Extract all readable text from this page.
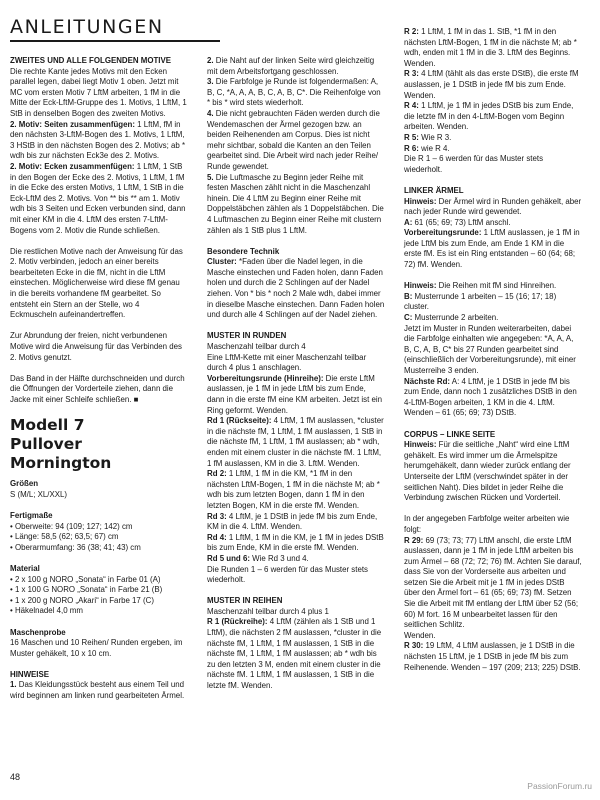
ANLEITUNGEN

ZWEITES UND ALLE FOLGENDEN MOTIVE
Die rechte Kante jedes Motivs mit den Ecken parallel legen, dabei liegt Motiv 1 oben. Jetzt mit MC vom ersten Motiv 7 LftM arbeiten, 1 fM in die Mitte der Eck-LftM-Gruppe des 1. Motivs, 1 LftM, 1 StB in denselben Bogen des zweiten Motivs.
2. Motiv: Seiten zusammenfügen: 1 LftM, fM in den nächsten 3-LftM-Bogen des 1. Motivs, 1 LftM, 3 HStB in den nächsten Bogen des 2. Motivs; ab * wdh bis zur nächsten Eck3e des 2. Motivs.
2. Motiv: Ecken zusammenfügen: 1 LftM, 1 StB in den Bogen der Ecke des 2. Motivs, 1 LftM, 1 fM in die Ecke des ersten Motivs, 1 LftM, 1 StB in die Eck-LftM des 2. Motivs. Von ** bis ** am 1. Motiv wdh bis 3 Seiten und Ecken verbunden sind, dann mit einer KM in die 4. LftM des ersten 7-LftM-Bogens vom 2. Motiv die Runde schließen.

Die restlichen Motive nach der Anweisung für das 2. Motiv verbinden, jedoch an einer bereits bearbeiteten Ecke in die fM, nicht in die LftM einstechen. Möglicherweise wird diese fM genau in die bereits vorhandene fM gearbeitet. So entsteht ein Stern an der Stelle, wo 4 Eckmuscheln aufeinandertreffen.

Zur Abrundung der freien, nicht verbundenen Motive wird die Anweisung für das Verbinden des 2. Motivs genutzt.

Das Band in der Hälfte durchschneiden und durch die Öffnungen der Vorderteile ziehen, dann die Jacke mit einer Schleife schließen. ■

Modell 7
Pullover Mornington

Größen
S (M/L; XL/XXL)

Fertigmaße
• Oberweite: 94 (109; 127; 142) cm
• Länge: 58,5 (62; 63,5; 67) cm
• Oberarmumfang: 36 (38; 41; 43) cm

Material
• 2 x 100 g NORO „Sonata“ in Farbe 01 (A)
• 1 x 100 G NORO „Sonata“ in Farbe 21 (B)
• 1 x 200 g NORO „Akari“ in Farbe 17 (C)
• Häkelnadel 4,0 mm

Maschenprobe
16 Maschen und 10 Reihen/ Runden ergeben, im Muster gehäkelt, 10 x 10 cm.

HINWEISE
1. Das Kleidungsstück besteht aus einem Teil und wird beginnen am linken rund gearbeiteten Ärmel.

2. Die Naht auf der linken Seite wird gleichzeitig mit dem Arbeitsfortgang geschlossen.

3. Die Farbfolge je Runde ist folgendermaßen: A, B, C, *A, A, A, B, C, A, B, C*. Die Reihenfolge von * bis * wird stets wiederholt.

4. Die nicht gebrauchten Fäden werden durch die Wendemaschen der Ärmel gezogen bzw. an beiden Reihenenden am Corpus. Dies ist nicht mehr sichtbar, sobald die Kanten an den Teilen gearbeitet sind. Die Arbeit wird nach jeder Reihe/ Runde gewendet.

5. Die Luftmasche zu Beginn jeder Reihe mit festen Maschen zählt nicht in die Maschenzahl hinein. Die 4 LftM zu Beginn einer Reihe mit Doppelstäbchen zählen als 1 Doppelstäbchen. Die 4 Luftmaschen zu Beginn einer Reihe mit clustern zählen als 1 StB plus 1 LftM.

Besondere Technik
Cluster: *Faden über die Nadel legen, in die Masche einstechen und Faden holen, dann Faden holen und durch die 2 Schlingen auf der Nadel ziehen. Von * bis * noch 2 Male wdh, dabei immer in dieselbe Masche einstechen. Dann Faden holen und durch alle 4 Schlingen auf der Nadel ziehen.

MUSTER IN RUNDEN
Maschenzahl teilbar durch 4
Eine LftM-Kette mit einer Maschenzahl teilbar durch 4 plus 1 anschlagen.
Vorbereitungsrunde (Hinreihe): Die erste LftM auslassen, je 1 fM in jede LftM bis zum Ende, dann in die erste fM eine KM arbeiten. Jetzt ist ein Ring geformt. Wenden.
Rd 1 (Rückseite): 4 LftM, 1 fM auslassen, *cluster in die nächste fM, 1 LftM, 1 fM auslassen, 1 StB in die nächste fM, 1 LftM, 1 fM auslassen; ab * wdh, enden mit einem cluster in die nächste fM. 1 LftM, 1 fM auslassen, KM in die 3. LftM. Wenden.
Rd 2: 1 LftM, 1 fM in die KM, *1 fM in den nächsten LftM-Bogen, 1 fM in die nächste M; ab * wdh bis zum letzten Bogen, dann 1 fM in den letzten Bogen, KM in die erste fM. Wenden.
Rd 3: 4 LftM, je 1 DStB in jede fM bis zum Ende, KM in die 4. LftM. Wenden.
Rd 4: 1 LftM, 1 fM in die KM, je 1 fM in jedes DStB bis zum Ende, KM in die erste fM. Wenden.
Rd 5 und 6: Wie Rd 3 und 4.
Die Runden 1 – 6 werden für das Muster stets wiederholt.

MUSTER IN REIHEN
Maschenzahl teilbar durch 4 plus 1
R 1 (Rückreihe): 4 LftM (zählen als 1 StB und 1 LftM), die nächsten 2 fM auslassen, *cluster in die nächste fM, 1 LftM, 1 fM auslassen, 1 StB in die nächste fM, 1 LftM, 1 fM auslassen; ab * wdh bis zu den letzten 3 M, enden mit einem cluster in die nächste fM. 1 LftM, 1 fM auslassen, 1 StB in die letzte fM. Wenden.

R 2: 1 LftM, 1 fM in das 1. StB, *1 fM in den nächsten LftM-Bogen, 1 fM in die nächste M; ab * wdh, enden mit 1 fM in die 3. LftM des Beginns. Wenden.
R 3: 4 LftM (tählt als das erste DStB), die erste fM auslassen, je 1 DStB in jede fM bis zum Ende. Wenden.
R 4: 1 LftM, je 1 fM in jedes DStB bis zum Ende, die letzte fM in den 4-LftM-Bogen vom Beginn arbeiten. Wenden.
R 5: Wie R 3.
R 6: wie R 4.
Die R 1 – 6 werden für das Muster stets wiederholt.

LINKER ÄRMEL
Hinweis: Der Ärmel wird in Runden gehäkelt, aber nach jeder Runde wird gewendet.
A: 61 (65; 69; 73) LftM anschl.
Vorbereitungsrunde: 1 LftM auslassen, je 1 fM in jede LftM bis zum Ende, am Ende 1 KM in die erste fM. Es ist ein Ring entstanden – 60 (64; 68; 72) fM. Wenden.

Hinweis: Die Reihen mit fM sind Hinreihen.
B: Musterrunde 1 arbeiten – 15 (16; 17; 18) cluster.
C: Musterrunde 2 arbeiten.
Jetzt im Muster in Runden weiterarbeiten, dabei die Farbfolge einhalten wie angegeben: *A, A, A, B, C, A, B, C* bis 27 Runden gearbeitet sind (einschließlich der Vorbereitungsrunde), mit einer Musterreihe 3 enden.
Nächste Rd: A: 4 LftM, je 1 DStB in jede fM bis zum Ende, dann noch 1 zusätzliches DStB in den 4-LftM-Bogen arbeiten, 1 KM in die 4. LftM. Wenden – 61 (65; 69; 73) DStB.

CORPUS – LINKE SEITE
Hinweis: Für die seitliche „Naht“ wird eine LftM gehäkelt. Es wird immer um die Ärmelspitze herumgehäkelt, dann wieder zurück entlang der Unterseite der LftM (verschwindet später in der seitlichen Naht). Dies bildet in jeder Reihe die Verbindung zwischen Rücken und Vorderteil.

In der angegeben Farbfolge weiter arbeiten wie folgt:
R 29: 69 (73; 73; 77) LftM anschl, die erste LftM auslassen, dann je 1 fM in jede LftM arbeiten bis zum Ärmel – 68 (72; 72; 76) fM. Achten Sie darauf, dass Sie von der Vorderseite aus arbeiten und setzen Sie die Arbeit mit je 1 fM in jedes DStB über den Ärmel fort – 61 (65; 69; 73) fM. Setzen Sie die Arbeit mit fM entlang der LftM über 52 (56; 60) M fort. 16 M unbearbeitet lassen für den seitlichen Schlitz.
Wenden.
R 30: 19 LftM, 4 LftM auslassen, je 1 DStB in die nächsten 15 LftM, je 1 DStB in jede fM bis zum Reihenende. Wenden – 197 (209; 213; 225) DStB.

48
PassionForum.ru
